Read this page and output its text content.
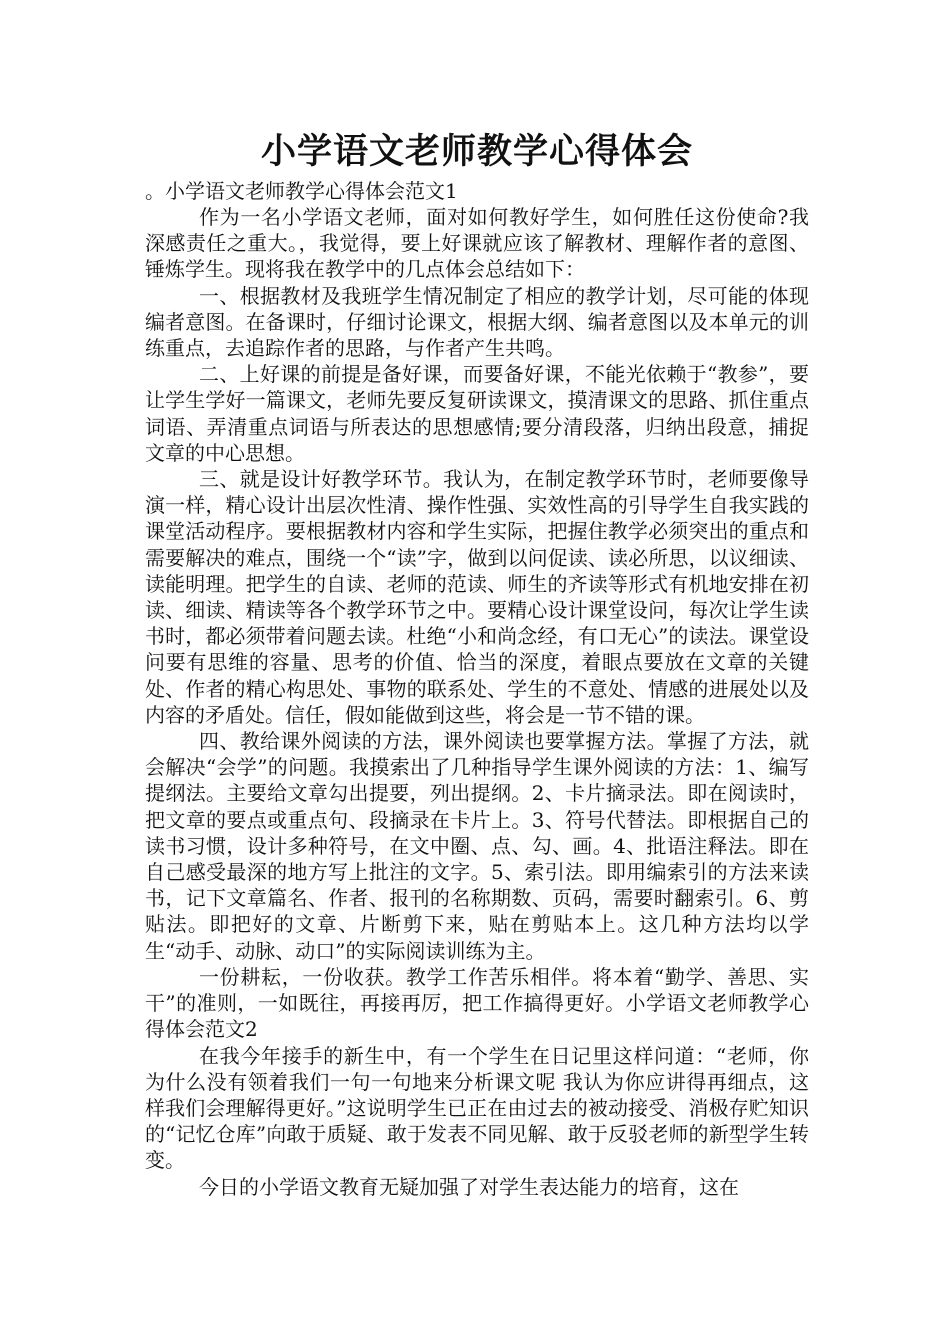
小学语文老师教学心得体会

。小学语文老师教学心得体会范文1

作为一名小学语文老师，面对如何教好学生，如何胜任这份使命?我深感责任之重大。，我觉得，要上好课就应该了解教材、理解作者的意图、锤炼学生。现将我在教学中的几点体会总结如下：

一、根据教材及我班学生情况制定了相应的教学计划，尽可能的体现编者意图。在备课时，仔细讨论课文，根据大纲、编者意图以及本单元的训练重点，去追踪作者的思路，与作者产生共鸣。

二、上好课的前提是备好课，而要备好课，不能光依赖于“教参”，要让学生学好一篇课文，老师先要反复研读课文，摸清课文的思路、抓住重点词语、弄清重点词语与所表达的思想感情;要分清段落，归纳出段意，捕捉文章的中心思想。

三、就是设计好教学环节。我认为，在制定教学环节时，老师要像导演一样，精心设计出层次性清、操作性强、实效性高的引导学生自我实践的课堂活动程序。要根据教材内容和学生实际，把握住教学必须突出的重点和需要解决的难点，围绕一个“读”字，做到以问促读、读必所思，以议细读、读能明理。把学生的自读、老师的范读、师生的齐读等形式有机地安排在初读、细读、精读等各个教学环节之中。要精心设计课堂设问，每次让学生读书时，都必须带着问题去读。杜绝“小和尚念经，有口无心”的读法。课堂设问要有思维的容量、思考的价值、恰当的深度，着眼点要放在文章的关键处、作者的精心构思处、事物的联系处、学生的不意处、情感的进展处以及内容的矛盾处。信任，假如能做到这些，将会是一节不错的课。

四、教给课外阅读的方法，课外阅读也要掌握方法。掌握了方法，就会解决“会学”的问题。我摸索出了几种指导学生课外阅读的方法：1、编写提纲法。主要给文章勾出提要，列出提纲。2、卡片摘录法。即在阅读时，把文章的要点或重点句、段摘录在卡片上。3、符号代替法。即根据自己的读书习惯，设计多种符号，在文中圈、点、勾、画。4、批语注释法。即在自己感受最深的地方写上批注的文字。5、索引法。即用编索引的方法来读书，记下文章篇名、作者、报刊的名称期数、页码，需要时翻索引。6、剪贴法。即把好的文章、片断剪下来，贴在剪贴本上。这几种方法均以学生“动手、动脉、动口”的实际阅读训练为主。

一份耕耘，一份收获。教学工作苦乐相伴。将本着“勤学、善思、实干”的准则，一如既往，再接再厉，把工作搞得更好。小学语文老师教学心得体会范文2

在我今年接手的新生中，有一个学生在日记里这样问道：“老师，你为什么没有领着我们一句一句地来分析课文呢 我认为你应讲得再细点，这样我们会理解得更好。”这说明学生已正在由过去的被动接受、消极存贮知识的“记忆仓库”向敢于质疑、敢于发表不同见解、敢于反驳老师的新型学生转变。

今日的小学语文教育无疑加强了对学生表达能力的培育，这在
